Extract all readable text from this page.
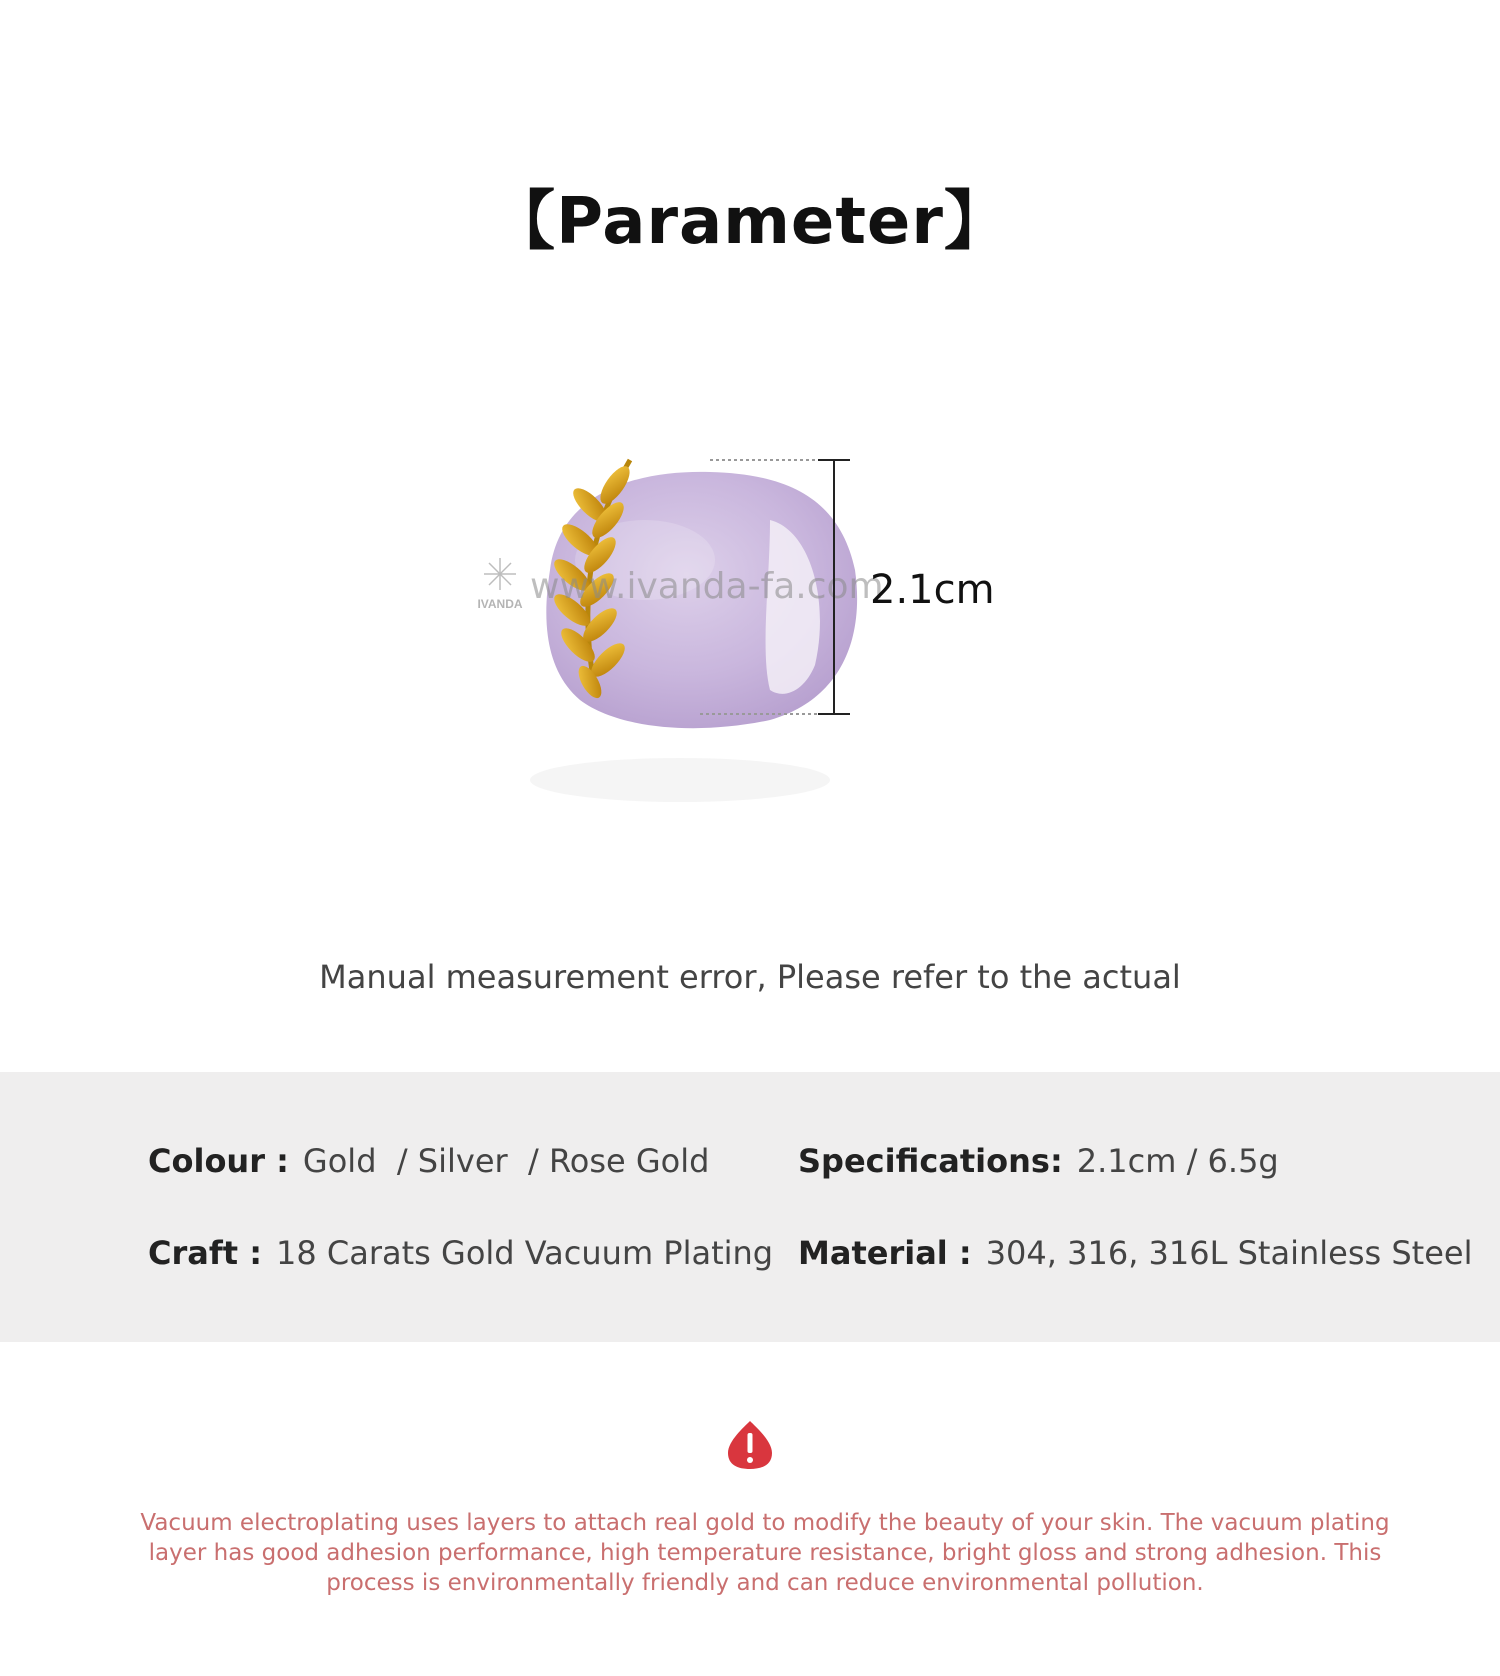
【Parameter】
IVANDA www.ivanda-fa.com
2.1cm
Manual measurement error, Please refer to the actual
Colour : Gold  / Silver  / Rose Gold	Specifications: 2.1cm / 6.5g
Craft : 18 Carats Gold Vacuum Plating Material : 304, 316, 316L Stainless Steel
Vacuum electroplating uses layers to attach real gold to modify the beauty of your skin. The vacuum plating layer has good adhesion performance, high temperature resistance, bright gloss and strong adhesion. This process is environmentally friendly and can reduce environmental pollution.
